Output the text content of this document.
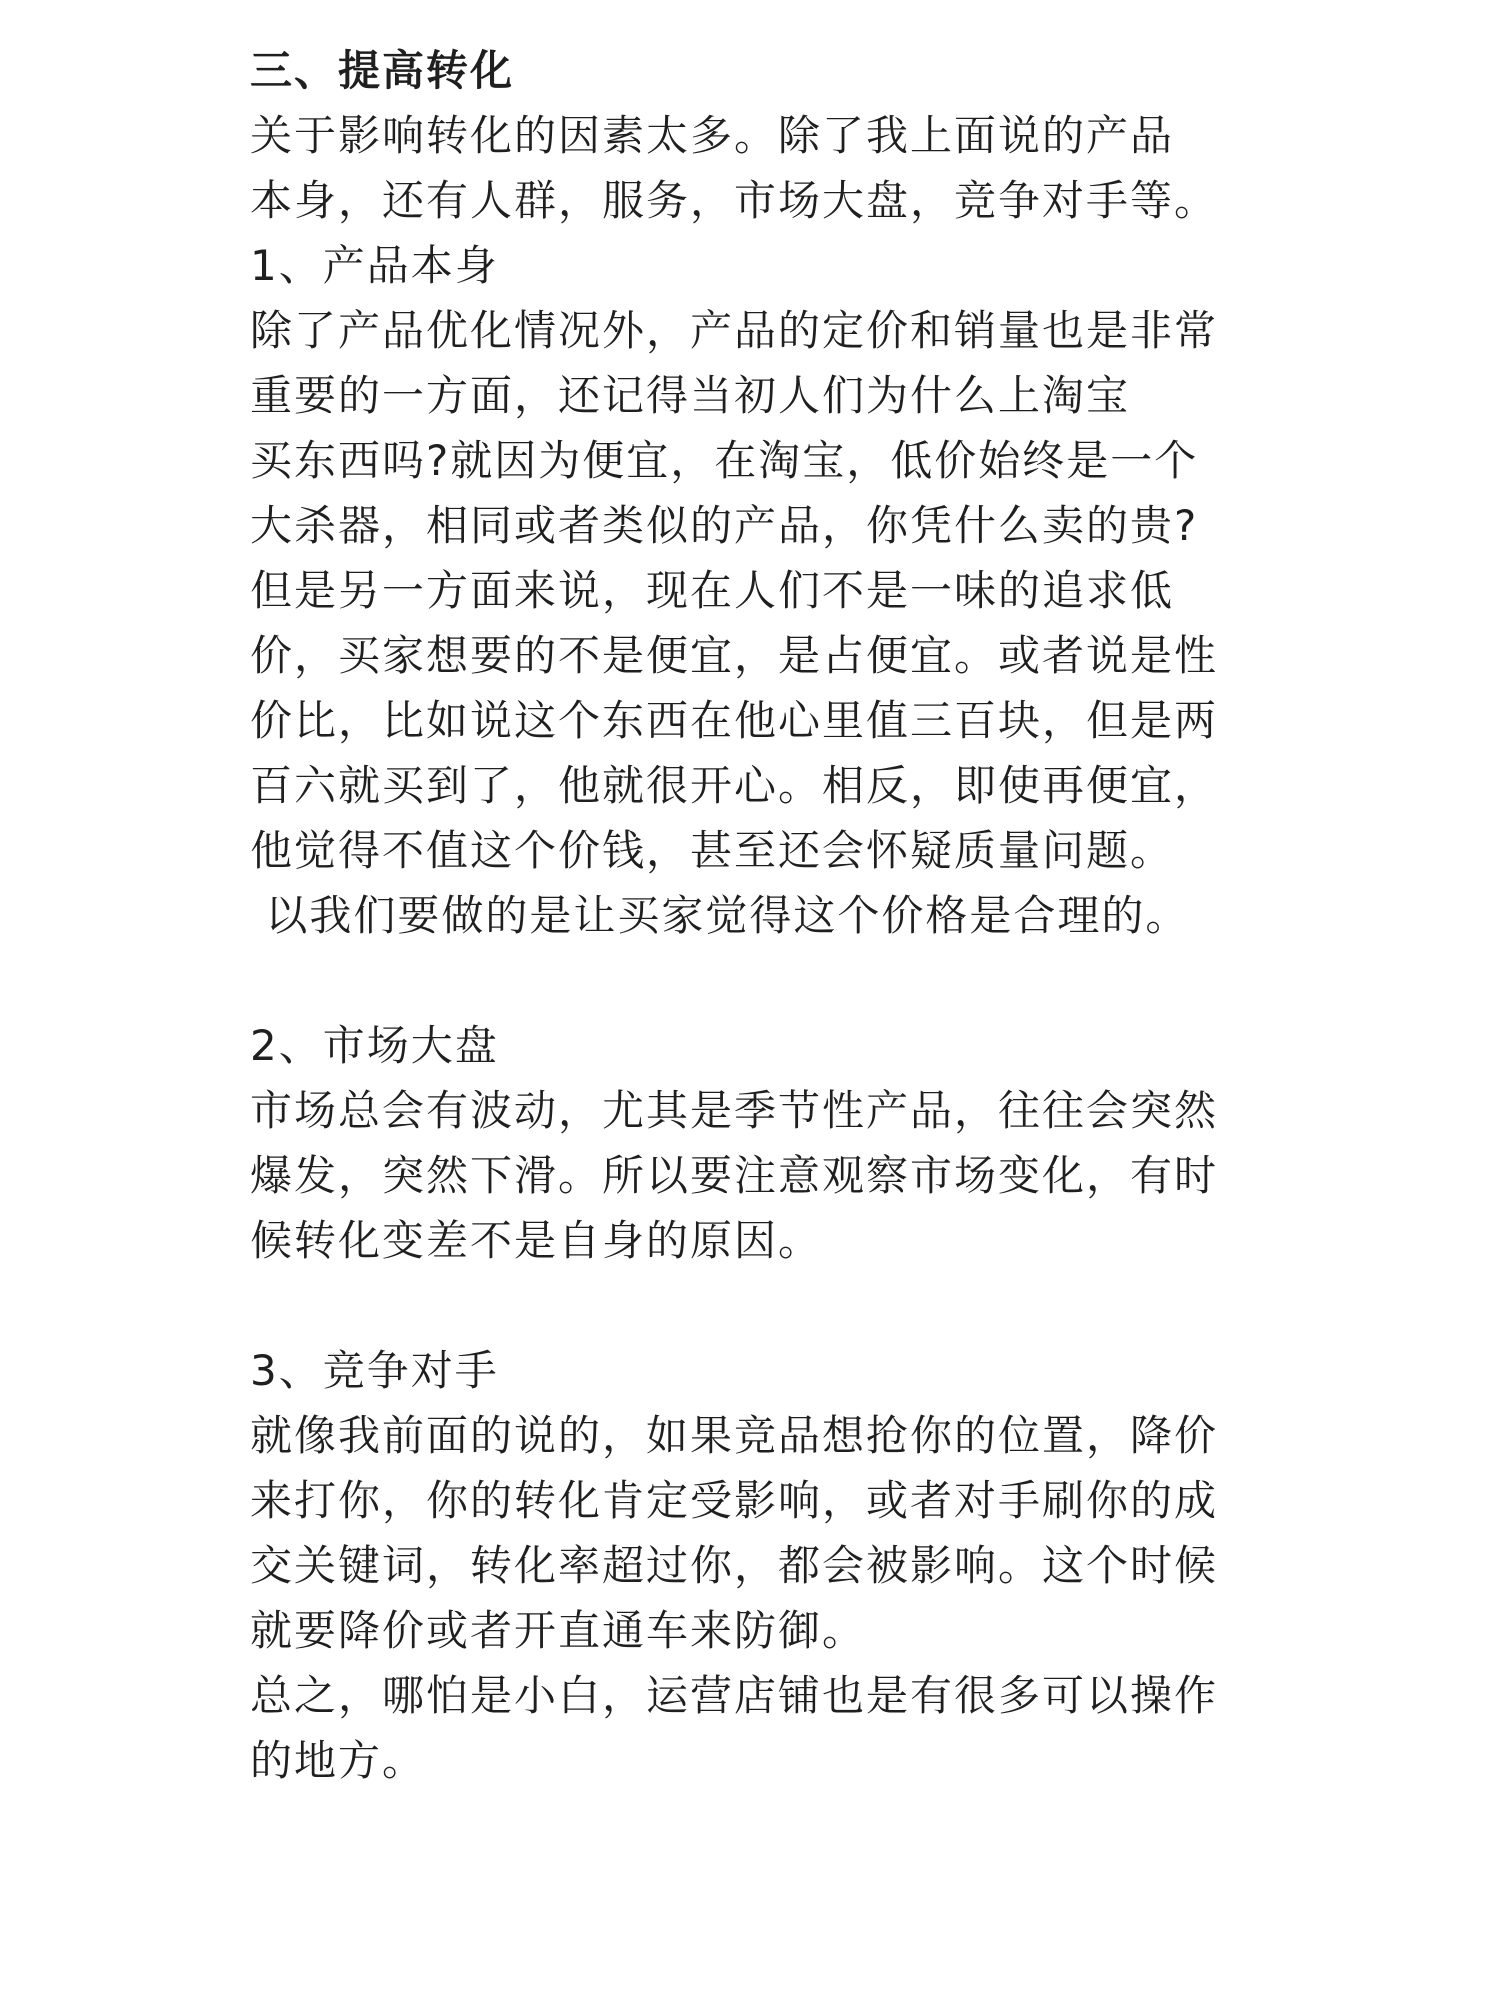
三、提高转化
关于影响转化的因素太多。除了我上面说的产品
本身，还有人群，服务，市场大盘，竞争对手等。
1、产品本身
除了产品优化情况外，产品的定价和销量也是非常
重要的一方面，还记得当初人们为什么上淘宝
买东西吗?就因为便宜，在淘宝，低价始终是一个
大杀器，相同或者类似的产品，你凭什么卖的贵?
但是另一方面来说，现在人们不是一味的追求低
价，买家想要的不是便宜，是占便宜。或者说是性
价比，比如说这个东西在他心里值三百块，但是两
百六就买到了，他就很开心。相反，即使再便宜，
他觉得不值这个价钱，甚至还会怀疑质量问题。
以我们要做的是让买家觉得这个价格是合理的。
2、市场大盘
市场总会有波动，尤其是季节性产品，往往会突然
爆发，突然下滑。所以要注意观察市场变化，有时
候转化变差不是自身的原因。
3、竞争对手
就像我前面的说的，如果竞品想抢你的位置，降价
来打你，你的转化肯定受影响，或者对手刷你的成
交关键词，转化率超过你，都会被影响。这个时候
就要降价或者开直通车来防御。
总之，哪怕是小白，运营店铺也是有很多可以操作
的地方。
